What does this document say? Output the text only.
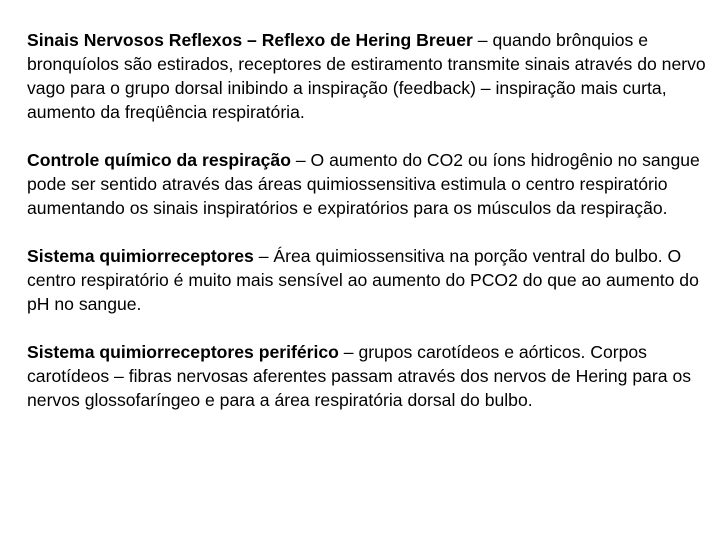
Sinais Nervosos Reflexos – Reflexo de Hering Breuer – quando brônquios e bronquíolos são estirados, receptores de estiramento transmite sinais através do nervo vago para o grupo dorsal inibindo a inspiração (feedback) – inspiração mais curta, aumento da freqüência respiratória.

Controle químico da respiração – O aumento do CO2 ou íons hidrogênio no sangue pode ser sentido através das áreas quimiossensitiva estimula o centro respiratório aumentando os sinais inspiratórios e expiratórios para os músculos da respiração.

Sistema quimiorreceptores – Área quimiossensitiva na porção ventral do bulbo. O centro respiratório é muito mais sensível ao aumento do PCO2 do que ao aumento do pH no sangue.

Sistema quimiorreceptores periférico – grupos carotídeos e aórticos. Corpos carotídeos – fibras nervosas aferentes passam através dos nervos de Hering para os nervos glossofaríngeo e para a área respiratória dorsal do bulbo.
